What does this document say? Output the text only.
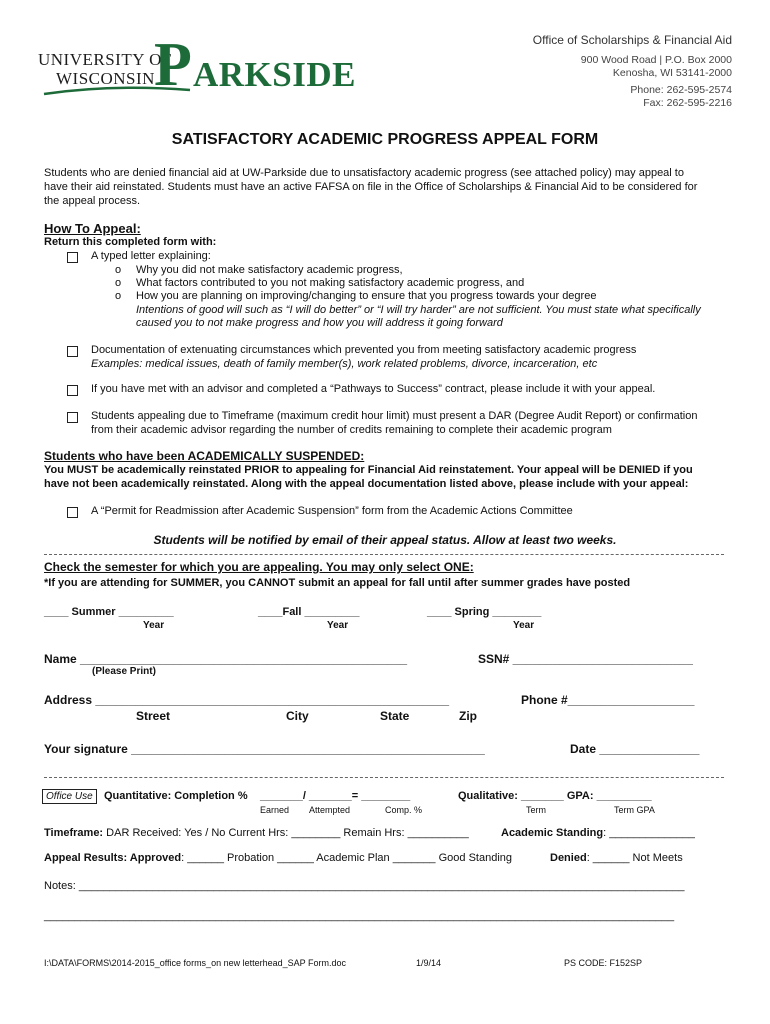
UNIVERSITY OF
WISCONSIN P ARKSIDE
Office of Scholarships & Financial Aid
900 Wood Road | P.O. Box 2000
Kenosha, WI 53141-2000
Phone: 262-595-2574
Fax: 262-595-2216
SATISFACTORY ACADEMIC PROGRESS APPEAL FORM
Students who are denied financial aid at UW-Parkside due to unsatisfactory academic progress (see attached policy) may appeal to
have their aid reinstated. Students must have an active FAFSA on file in the Office of Scholarships & Financial Aid to be considered for
the appeal process.
How To Appeal:
Return this completed form with:
A typed letter explaining:
o Why you did not make satisfactory academic progress,
o What factors contributed to you not making satisfactory academic progress, and
o How you are planning on improving/changing to ensure that you progress towards your degree
Intentions of good will such as “I will do better” or “I will try harder” are not sufficient. You must state what specifically
caused you to not make progress and how you will address it going forward
Documentation of extenuating circumstances which prevented you from meeting satisfactory academic progress
Examples: medical issues, death of family member(s), work related problems, divorce, incarceration, etc
If you have met with an advisor and completed a “Pathways to Success” contract, please include it with your appeal.
Students appealing due to Timeframe (maximum credit hour limit) must present a DAR (Degree Audit Report) or confirmation
from their academic advisor regarding the number of credits remaining to complete their academic program
Students who have been ACADEMICALLY SUSPENDED:
You MUST be academically reinstated PRIOR to appealing for Financial Aid reinstatement. Your appeal will be DENIED if you
have not been academically reinstated. Along with the appeal documentation listed above, please include with your appeal:
A “Permit for Readmission after Academic Suspension” form from the Academic Actions Committee
Students will be notified by email of their appeal status. Allow at least two weeks.
Check the semester for which you are appealing. You may only select ONE:
*If you are attending for SUMMER, you CANNOT submit an appeal for fall until after summer grades have posted
____ Summer _________
Year
____Fall _________
Year
____ Spring ________
Year
Name _________________________________________________	SSN# ___________________________
(Please Print)
Address _____________________________________________________	Phone #___________________
Street	City	State	Zip
Your signature _____________________________________________________	Date _______________
Office Use	Quantitative: Completion % _______/ _______= ________
Earned Attempted	Comp. %
Qualitative: _______ GPA: _________
Term	Term GPA
Timeframe: DAR Received: Yes / No Current Hrs: ________ Remain Hrs: __________	Academic Standing: ______________
Appeal Results: Approved: ______ Probation ______ Academic Plan _______ Good Standing	Denied: ______ Not Meets
Notes: ___________________________________________________________________________________________________
_______________________________________________________________________________________________________
I:\DATA\FORMS\2014-2015_office forms_on new letterhead_SAP Form.doc	1/9/14	PS CODE: F152SP
